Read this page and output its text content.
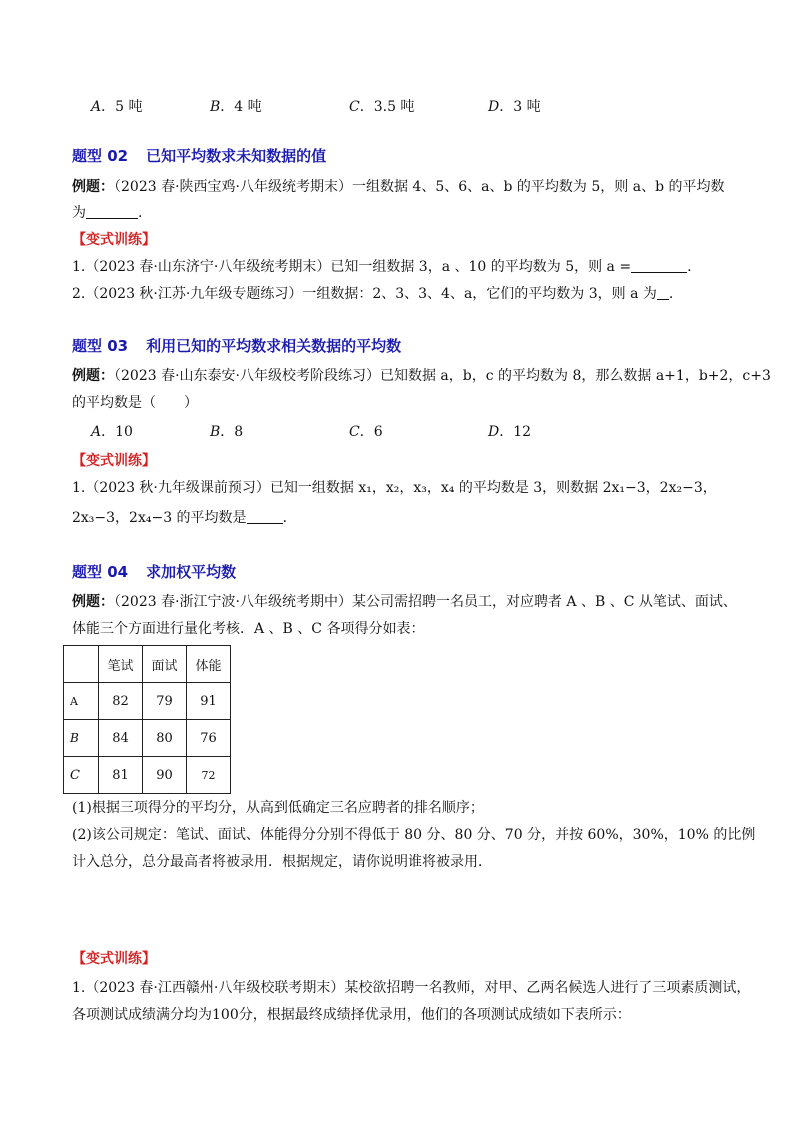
A．5 吨	B．4 吨	C．3.5 吨	D．3 吨
题型 02 已知平均数求未知数据的值
例题：（2023 春·陕西宝鸡·八年级统考期末）一组数据 4、5、6、a、b 的平均数为 5，则 a、b 的平均数
为	.
【变式训练】
1.（2023 春·山东济宁·八年级统考期末）已知一组数据 3，a 、10 的平均数为 5，则 a =	.
2.（2023 秋·江苏·九年级专题练习）一组数据：2、3、3、4、a，它们的平均数为 3，则 a 为 .
题型 03 利用已知的平均数求相关数据的平均数
例题：（2023 春·山东泰安·八年级校考阶段练习）已知数据 a，b，c 的平均数为 8，那么数据 a+1，b+2，c+3
的平均数是（　　）
A．10	B．8	C．6	D．12
【变式训练】
1.（2023 秋·九年级课前预习）已知一组数据 x₁，x₂，x₃，x₄ 的平均数是 3，则数据 2x₁−3，2x₂−3，
2x₃−3，2x₄−3 的平均数是	．
题型 04 求加权平均数
例题：（2023 春·浙江宁波·八年级统考期中）某公司需招聘一名员工，对应聘者 A 、B 、C 从笔试、面试、
体能三个方面进行量化考核．A 、B 、C 各项得分如表：
	笔试	面试	体能
A	82	79	91
B	84	80	76
C	81	90	72
(1)根据三项得分的平均分，从高到低确定三名应聘者的排名顺序；
(2)该公司规定：笔试、面试、体能得分分别不得低于 80 分、80 分、70 分，并按 60%，30%，10% 的比例
计入总分，总分最高者将被录用．根据规定，请你说明谁将被录用．
【变式训练】
1.（2023 春·江西赣州·八年级校联考期末）某校欲招聘一名教师，对甲、乙两名候选人进行了三项素质测试，
各项测试成绩满分均为100分，根据最终成绩择优录用，他们的各项测试成绩如下表所示：
